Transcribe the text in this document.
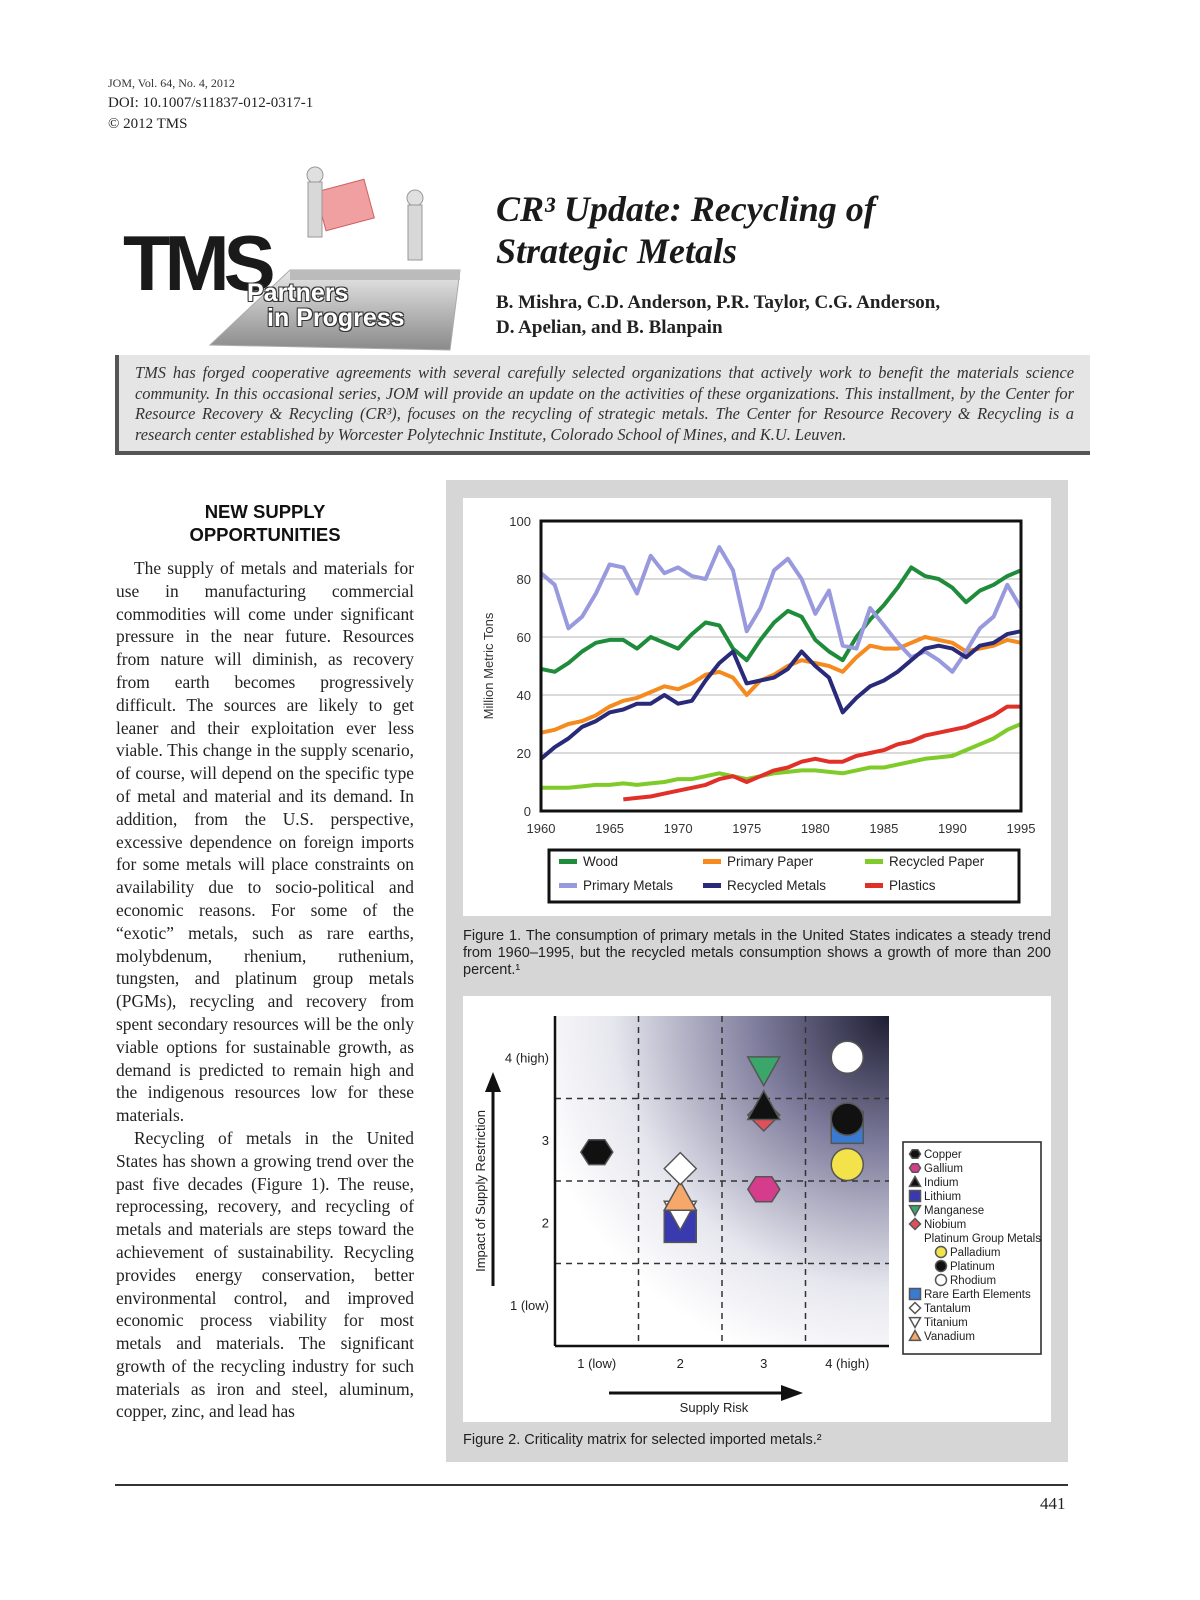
JOM, Vol. 64, No. 4, 2012
DOI: 10.1007/s11837-012-0317-1
© 2012 TMS
TMS
Partners
in Progress
CR³ Update: Recycling of
Strategic Metals
B. Mishra, C.D. Anderson, P.R. Taylor, C.G. Anderson,
D. Apelian, and B. Blanpain
TMS has forged cooperative agreements with several carefully selected organizations that actively work to benefit the materials science community. In this occasional series, JOM will provide an update on the activities of these organizations. This installment, by the Center for Resource Recovery & Recycling (CR³), focuses on the recycling of strategic metals. The Center for Resource Recovery & Recycling is a research center established by Worcester Polytechnic Institute, Colorado School of Mines, and K.U. Leuven.
NEW SUPPLY
OPPORTUNITIES

The supply of metals and materials for use in manufacturing commercial commodities will come under significant pressure in the near future. Resources from nature will diminish, as recovery from earth becomes progressively difficult. The sources are likely to get leaner and their exploitation ever less viable. This change in the supply scenario, of course, will depend on the specific type of metal and material and its demand. In addition, from the U.S. perspective, excessive dependence on foreign imports for some metals will place constraints on availability due to socio-political and economic reasons. For some of the “exotic” metals, such as rare earths, molybdenum, rhenium, ruthenium, tungsten, and platinum group metals (PGMs), recycling and recovery from spent secondary resources will be the only viable options for sustainable growth, as demand is predicted to remain high and the indigenous resources low for these materials.

Recycling of metals in the United States has shown a growing trend over the past five decades (Figure 1). The reuse, reprocessing, recovery, and recycling of metals and materials are steps toward the achievement of sustainability. Recycling provides energy conservation, better environmental control, and improved economic process viability for most metals and materials. The significant growth of the recycling industry for such materials as iron and steel, aluminum, copper, zinc, and lead has

0
20
40
60
80
100
1960	1965	1970	1975	1980	1985	1990	1995
Million Metric Tons
Wood	Primary Paper	Recycled Paper
Primary Metals	Recycled Metals	Plastics
Figure 1. The consumption of primary metals in the United States indicates a steady trend from 1960–1995, but the recycled metals consumption shows a growth of more than 200 percent.¹
1 (low)
2
3
4 (high)
1 (low)	2	3	4 (high)
Impact of Supply Restriction
Supply Risk
Copper
Gallium
Indium
Lithium
Manganese
Niobium
Platinum Group Metals
Palladium
Platinum
Rhodium
Rare Earth Elements
Tantalum
Titanium
Vanadium
Figure 2. Criticality matrix for selected imported metals.²
441
